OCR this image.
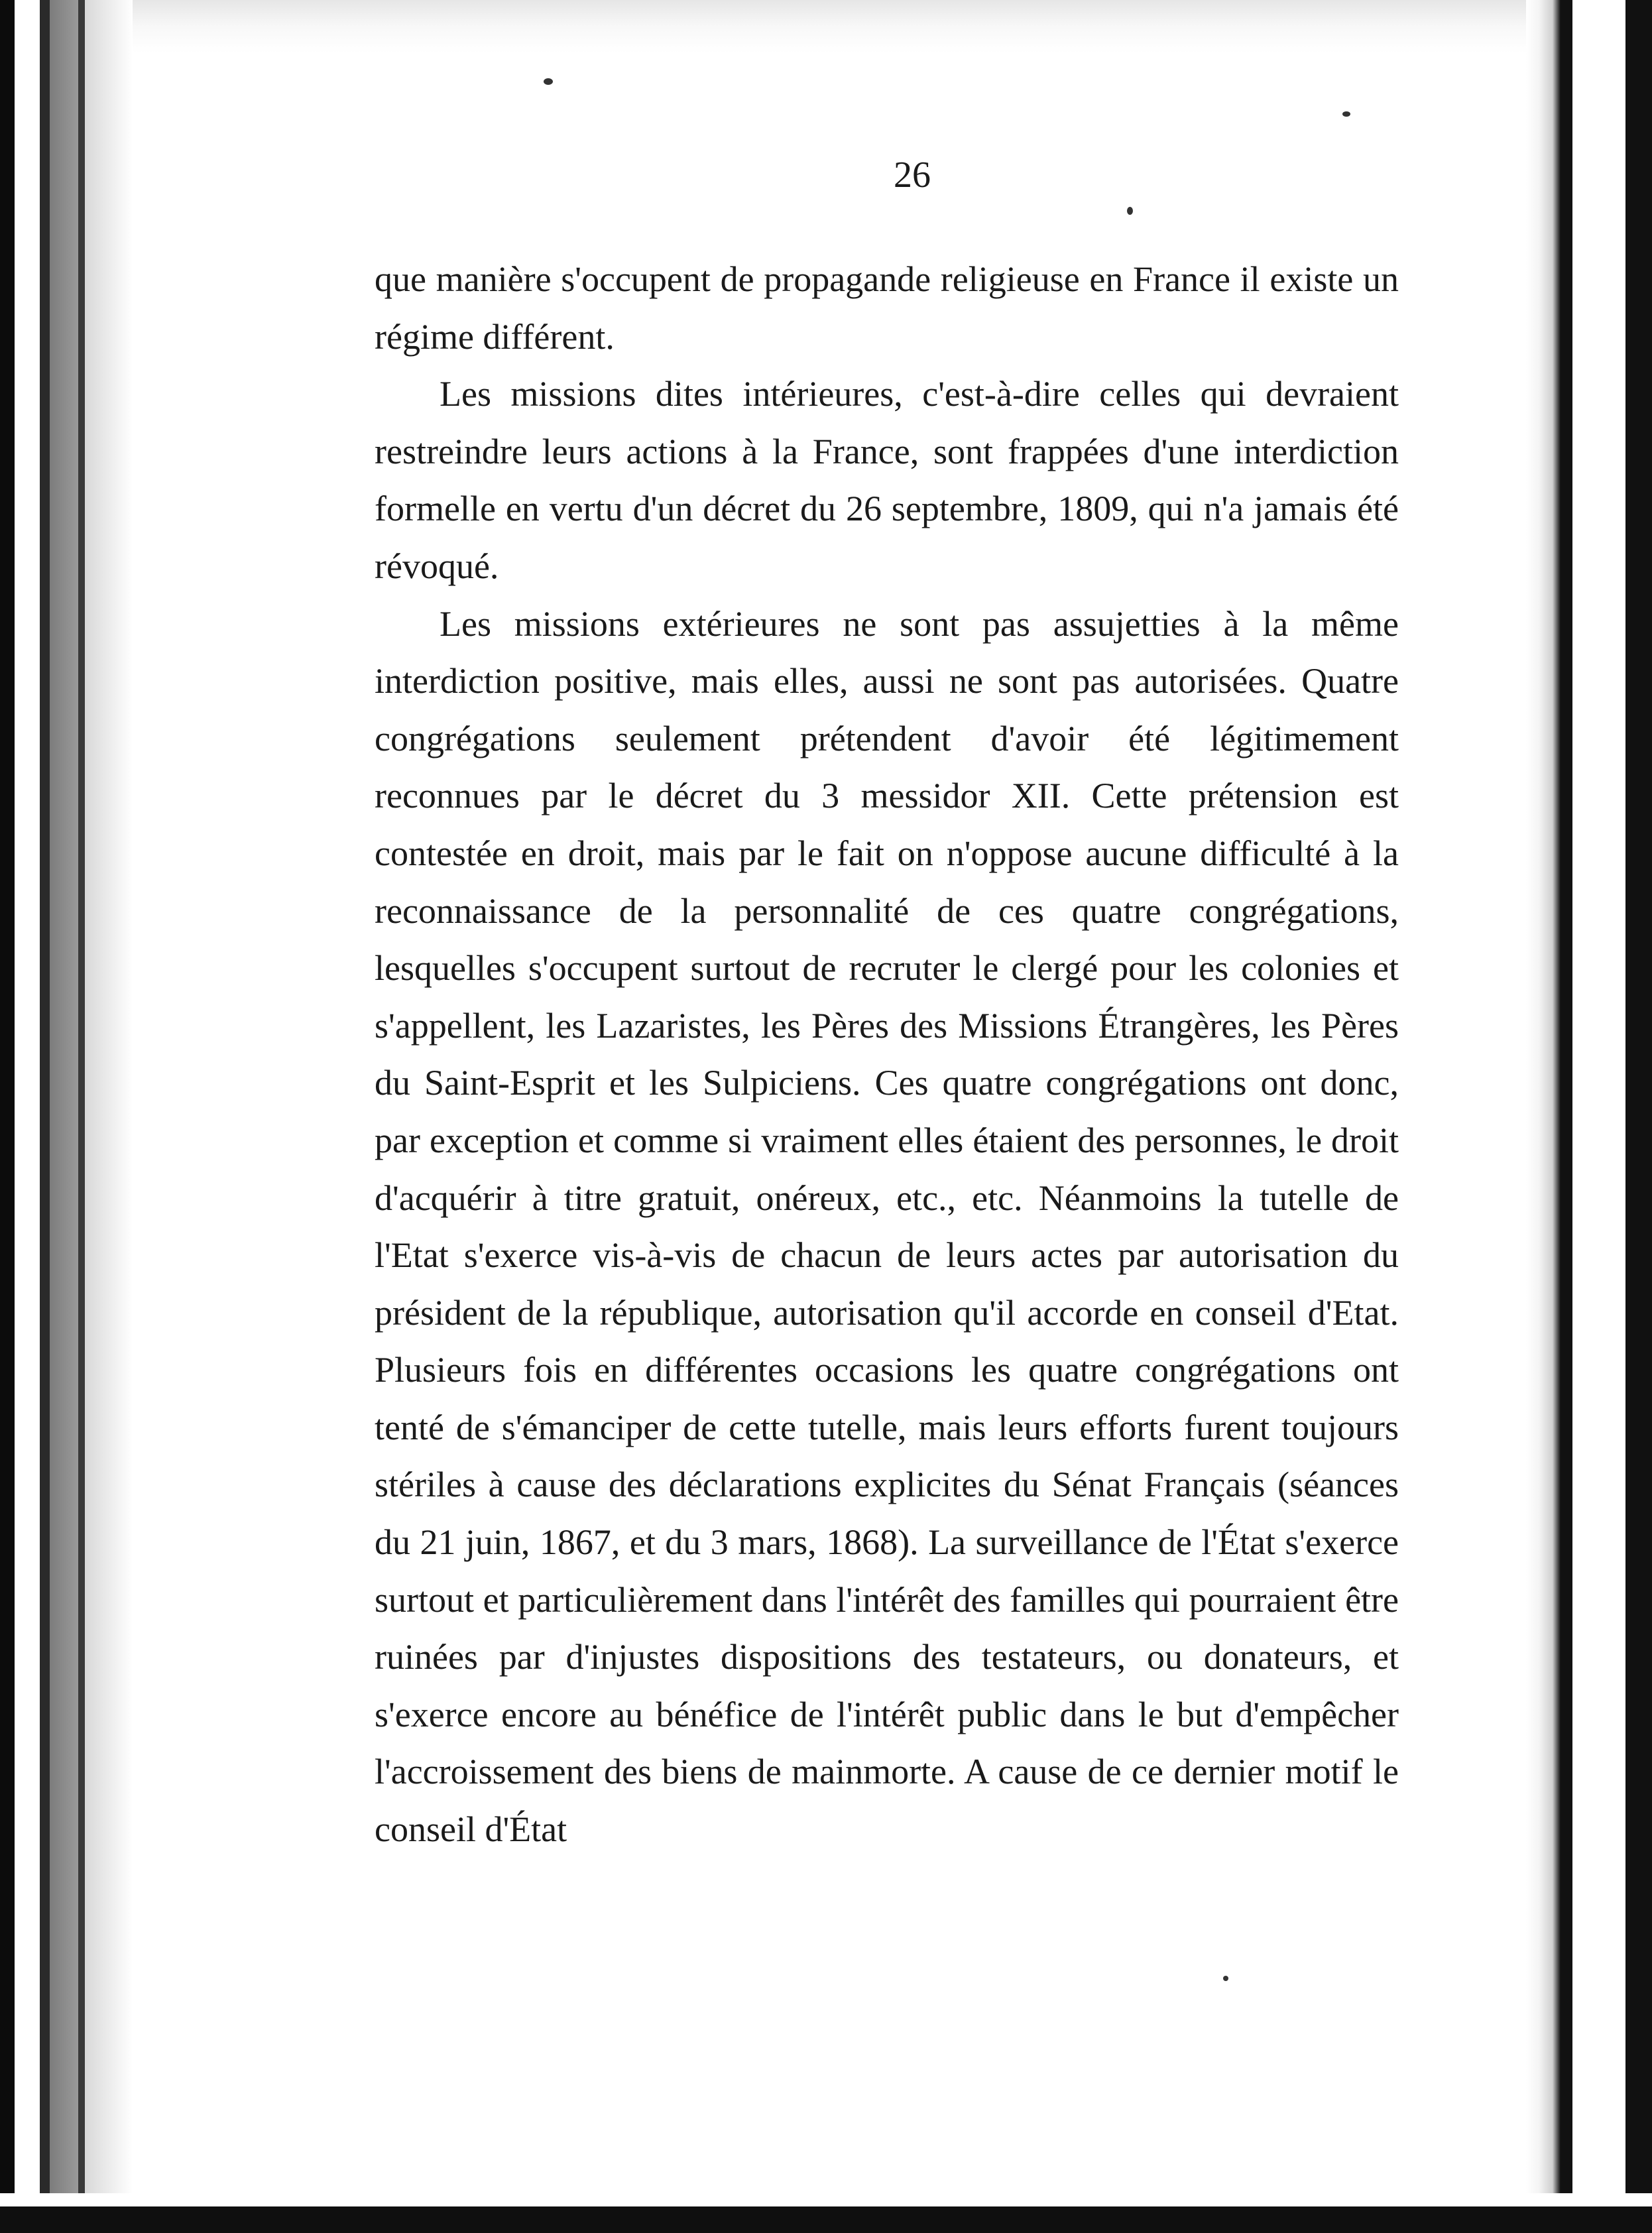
26

que manière s'occupent de propagande religieuse en France il existe un régime différent.

Les missions dites intérieures, c'est-à-dire celles qui devraient restreindre leurs actions à la France, sont frappées d'une interdiction formelle en vertu d'un décret du 26 septembre, 1809, qui n'a jamais été révoqué.

Les missions extérieures ne sont pas assujetties à la même interdiction positive, mais elles, aussi ne sont pas autorisées. Quatre congrégations seulement prétendent d'avoir été légitimement reconnues par le décret du 3 messidor XII. Cette prétension est contestée en droit, mais par le fait on n'oppose aucune difficulté à la reconnaissance de la personnalité de ces quatre congrégations, lesquelles s'occupent surtout de recruter le clergé pour les colonies et s'appellent, les Lazaristes, les Pères des Missions Étrangères, les Pères du Saint-Esprit et les Sulpiciens. Ces quatre congrégations ont donc, par exception et comme si vraiment elles étaient des personnes, le droit d'acquérir à titre gratuit, onéreux, etc., etc. Néanmoins la tutelle de l'Etat s'exerce vis-à-vis de chacun de leurs actes par autorisation du président de la république, autorisation qu'il accorde en conseil d'Etat. Plusieurs fois en différentes occasions les quatre congrégations ont tenté de s'émanciper de cette tutelle, mais leurs efforts furent toujours stériles à cause des déclarations explicites du Sénat Français (séances du 21 juin, 1867, et du 3 mars, 1868). La surveillance de l'État s'exerce surtout et particulièrement dans l'intérêt des familles qui pourraient être ruinées par d'injustes dispositions des testateurs, ou donateurs, et s'exerce encore au bénéfice de l'intérêt public dans le but d'empêcher l'accroissement des biens de mainmorte. A cause de ce dernier motif le conseil d'État
